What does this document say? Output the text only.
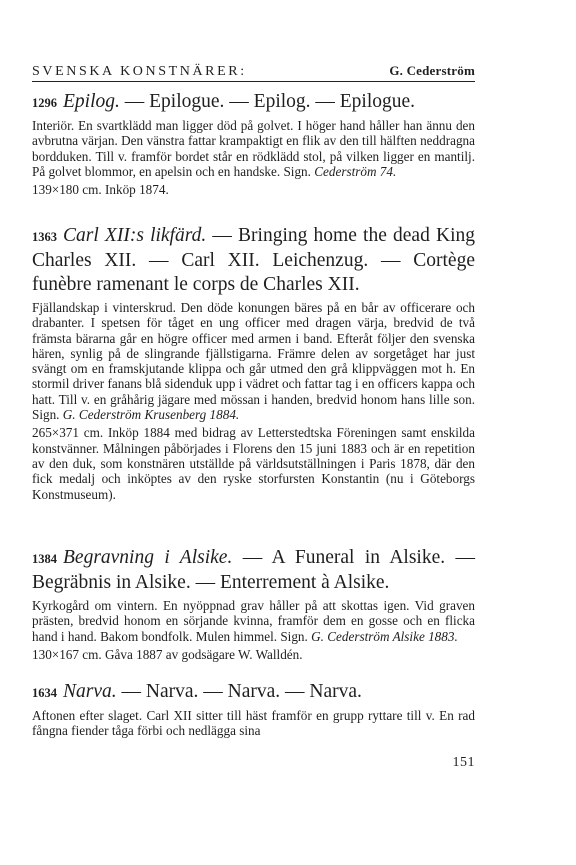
SVENSKA KONSTNÄRER:	G. Cederström
1296 Epilog. — Epilogue. — Epilog. — Epilogue.
Interiör. En svartklädd man ligger död på golvet. I höger hand håller han ännu den avbrutna värjan. Den vänstra fattar krampaktigt en flik av den till hälften neddragna bordduken. Till v. framför bordet står en rödklädd stol, på vilken ligger en mantilj. På golvet blommor, en apelsin och en handske. Sign. Cederström 74.
139×180 cm. Inköp 1874.
1363 Carl XII:s likfärd. — Bringing home the dead King Charles XII. — Carl XII. Leichenzug. — Cortège funèbre ramenant le corps de Charles XII.
Fjällandskap i vinterskrud. Den döde konungen bäres på en bår av officerare och drabanter. I spetsen för tåget en ung officer med dragen värja, bredvid de två främsta bärarna går en högre officer med armen i band. Efteråt följer den svenska hären, synlig på de slingrande fjällstigarna. Främre delen av sorgetåget har just svängt om en framskjutande klippa och går utmed den grå klippväggen mot h. En stormil driver fanans blå sidenduk upp i vädret och fattar tag i en officers kappa och hatt. Till v. en gråhårig jägare med mössan i handen, bredvid honom hans lille son. Sign. G. Cederström Krusenberg 1884.
265×371 cm. Inköp 1884 med bidrag av Letterstedtska Föreningen samt enskilda konstvänner. Målningen påbörjades i Florens den 15 juni 1883 och är en repetition av den duk, som konstnären utställde på världsutställningen i Paris 1878, där den fick medalj och inköptes av den ryske storfursten Konstantin (nu i Göteborgs Konstmuseum).
1384 Begravning i Alsike. — A Funeral in Alsike. — Begräbnis in Alsike. — Enterrement à Alsike.
Kyrkogård om vintern. En nyöppnad grav håller på att skottas igen. Vid graven prästen, bredvid honom en sörjande kvinna, framför dem en gosse och en flicka hand i hand. Bakom bondfolk. Mulen himmel. Sign. G. Cederström Alsike 1883.
130×167 cm. Gåva 1887 av godsägare W. Walldén.
1634 Narva. — Narva. — Narva. — Narva.
Aftonen efter slaget. Carl XII sitter till häst framför en grupp ryttare till v. En rad fångna fiender tåga förbi och nedlägga sina
151
